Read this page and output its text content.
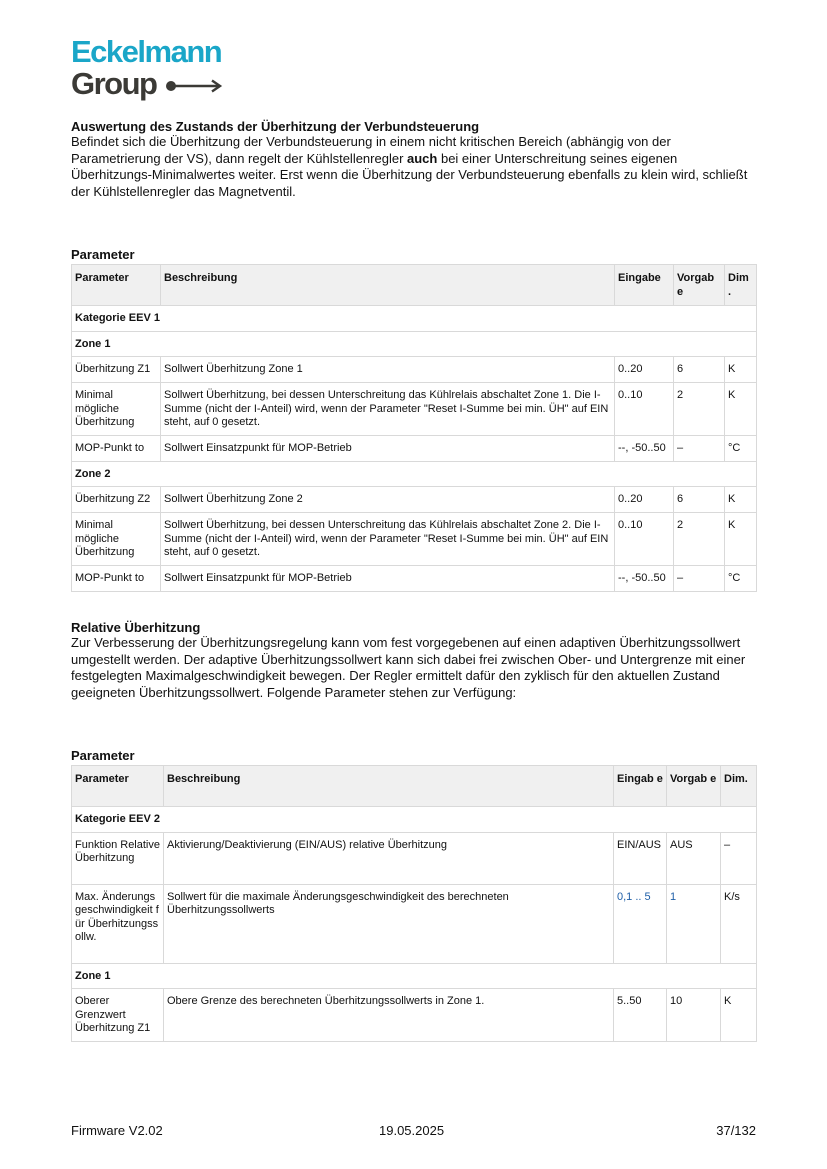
Eckelmann
Group
Auswertung des Zustands der Überhitzung der Verbundsteuerung
Befindet sich die Überhitzung der Verbundsteuerung in einem nicht kritischen Bereich (abhängig von der Parametrierung der VS), dann regelt der Kühlstellenregler auch bei einer Unterschreitung seines eigenen Überhitzungs-Minimalwertes weiter. Erst wenn die Überhitzung der Verbundsteuerung ebenfalls zu klein wird, schließt der Kühlstellenregler das Magnetventil.
Parameter
Parameter	Beschreibung	Eingabe	Vorgab e	Dim .
Kategorie EEV 1				
Zone 1				
Überhitzung Z1	Sollwert Überhitzung Zone 1	0..20	6	K
Minimal mögliche Überhitzung	Sollwert Überhitzung, bei dessen Unterschreitung das Kühlrelais abschaltet Zone 1. Die I-Summe (nicht der I-Anteil) wird, wenn der Parameter "Reset I-Summe bei min. ÜH" auf EIN steht, auf 0 gesetzt.	0..10	2	K
MOP-Punkt to	Sollwert Einsatzpunkt für MOP-Betrieb	--, -50..50	–	°C
Zone 2				
Überhitzung Z2	Sollwert Überhitzung Zone 2	0..20	6	K
Minimal mögliche Überhitzung	Sollwert Überhitzung, bei dessen Unterschreitung das Kühlrelais abschaltet Zone 2. Die I-Summe (nicht der I-Anteil) wird, wenn der Parameter "Reset I-Summe bei min. ÜH" auf EIN steht, auf 0 gesetzt.	0..10	2	K
MOP-Punkt to	Sollwert Einsatzpunkt für MOP-Betrieb	--, -50..50	–	°C
Relative Überhitzung
Zur Verbesserung der Überhitzungsregelung kann vom fest vorgegebenen auf einen adaptiven Überhitzungssollwert umgestellt werden. Der adaptive Überhitzungssollwert kann sich dabei frei zwischen Ober- und Untergrenze mit einer festgelegten Maximalgeschwindigkeit bewegen. Der Regler ermittelt dafür den zyklisch für den aktuellen Zustand geeigneten Überhitzungssollwert. Folgende Parameter stehen zur Verfügung:
Parameter
Parameter	Beschreibung	Eingab e	Vorgab e	Dim.
Kategorie EEV 2				
Funktion Relative Überhitzung	Aktivierung/Deaktivierung (EIN/AUS) relative Überhitzung	EIN/AUS	AUS	–
Max. Änderungsgeschwindigkeit für Überhitzungssollw.	Sollwert für die maximale Änderungsgeschwindigkeit des berechneten Überhitzungssollwerts	0,1 .. 5	1	K/s
Zone 1				
Oberer Grenzwert Überhitzung Z1	Obere Grenze des berechneten Überhitzungssollwerts in Zone 1.	5..50	10	K
Firmware V2.02	19.05.2025	37/132
